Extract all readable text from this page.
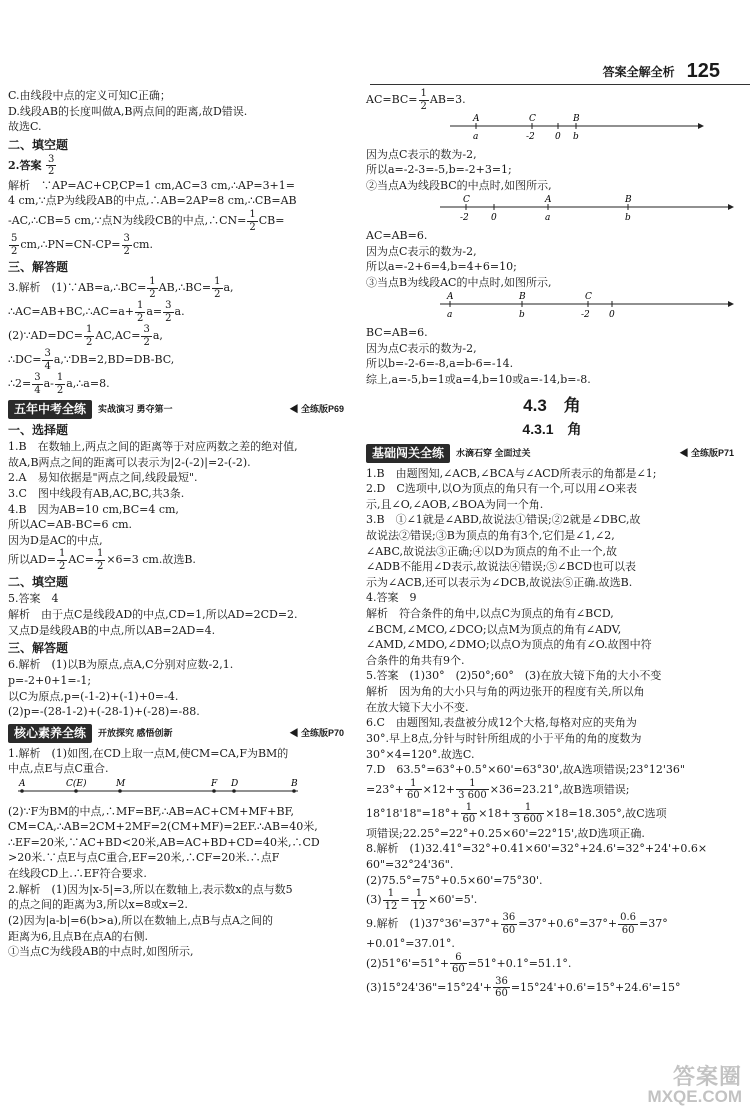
答案全解全析 125

C.由线段中点的定义可知C正确；

D.线段AB的长度叫做A,B两点间的距离,故D错误.

故选C.

二、填空题

2.答案 $\frac{3}{2}$

解析　∵AP=AC+CP,CP=1 cm,AC=3 cm,∴AP=3+1=

4 cm,∵点P为线段AB的中点,∴AB=2AP=8 cm,∴CB=AB

-AC,∴CB=5 cm,∵点N为线段CB的中点,∴CN= $\frac{1}{2} CB=$

$\frac{5}{2}$ cm,∴PN=CN-CP= $\frac{3}{2}$ cm.

三、解答题

3.解析　(1)∵AB=a,∴BC= $\frac{1}{2}$ AB,∴BC= $\frac{1}{2} a$,

∴AC=AB+BC,∴AC=a+ $\frac{1}{2} a= \frac{3}{2} a$.

(2)∵AD=DC= $\frac{1}{2} AC,AC= \frac{3}{2} a$,

∴DC= $\frac{3}{4}$ a,∵DB=2,BD=DB-BC,

∴2= $\frac{3}{4} a- \frac{1}{2}$ a,∴a=8.

五年中考全练	实战演习 勇夺第一	◀ 全练版P69

一、选择题

1.B　在数轴上,两点之间的距离等于对应两数之差的绝对值,

故A,B两点之间的距离可以表示为|2-(-2)|=2-(-2).

2.A　易知依据是"两点之间,线段最短".

3.C　图中线段有AB,AC,BC,共3条.

4.B　因为AB=10 cm,BC=4 cm,

所以AC=AB-BC=6 cm.

因为D是AC的中点,

所以$AD= \frac{1}{2} AC= \frac{1}{2} \times 6=3$ cm.故选B.

二、填空题

5.答案　4

解析　由于点C是线段AD的中点,CD=1,所以AD=2CD=2.

又点D是线段AB的中点,所以AB=2AD=4.

三、解答题

6.解析　(1)以B为原点,点A,C分别对应数-2,1.

p=-2+0+1=-1;

以C为原点,p=(-1-2)+(-1)+0=-4.

(2)p=-(28-1-2)+(-28-1)+(-28)=-88.

核心素养全练	开放探究 感悟创新	◀ 全练版P70

1.解析　(1)如图,在CD上取一点M,使CM=CA,F为BM的

中点,点E与点C重合.

A	C(E)	M	F D	B

(2)∵F为BM的中点,∴MF=BF,∴AB=AC+CM+MF+BF,

CM=CA,∴AB=2CM+2MF=2(CM+MF)=2EF.∴AB=40米,

∴EF=20米,∵AC+BD<20米,AB=AC+BD+CD=40米,∴CD

>20米.∵点E与点C重合,EF=20米,∴CF=20米.∴点F

在线段CD上.∴EF符合要求.

2.解析　(1)因为|x-5|=3,所以在数轴上,表示数x的点与数5

的点之间的距离为3,所以x=8或x=2.

(2)因为|a-b|=6(b>a),所以在数轴上,点B与点A之间的

距离为6,且点B在点A的右侧.

①当点C为线段AB的中点时,如图所示,

$AC=BC= \frac{1}{2} AB=3$.

A	C	B
a	-2 0 b

因为点C表示的数为-2,

所以a=-2-3=-5,b=-2+3=1;

②当点A为线段BC的中点时,如图所示,

C	A	B
-2 0	a	b

AC=AB=6.

因为点C表示的数为-2,

所以a=-2+6=4,b=4+6=10;

③当点B为线段AC的中点时,如图所示,

A	B	C
a	b	-2 0

BC=AB=6.

因为点C表示的数为-2,

所以b=-2-6=-8,a=b-6=-14.

综上,a=-5,b=1或a=4,b=10或a=-14,b=-8.

4.3　角

4.3.1　角

基础闯关全练	水滴石穿 全面过关	◀ 全练版P71

1.B　由题图知,∠ACB,∠BCA与∠ACD所表示的角都是∠1;

2.D　C选项中,以O为顶点的角只有一个,可以用∠O来表

示,且∠O,∠AOB,∠BOA为同一个角.

3.B　①∠1就是∠ABD,故说法①错误;②2就是∠DBC,故

故说法②错误;③B为顶点的角有3个,它们是∠1,∠2,

∠ABC,故说法③正确;④以D为顶点的角不止一个,故

∠ADB不能用∠D表示,故说法④错误;⑤∠BCD也可以表

示为∠ACB,还可以表示为∠DCB,故说法⑤正确.故选B.

4.答案　9

解析　符合条件的角中,以点C为顶点的角有∠BCD,

∠BCM,∠MCO,∠DCO;以点M为顶点的角有∠ADV,

∠AMD,∠MDO,∠DMO;以点O为顶点的角有∠O.故图中符

合条件的角共有9个.

5.答案　(1)30°　(2)50°;60°　(3)在放大镜下角的大小不变

解析　因为角的大小只与角的两边张开的程度有关,所以角

在放大镜下大小不变.

6.C　由题图知,表盘被分成12个大格,每格对应的夹角为

30°.早上8点,分针与时针所组成的小于平角的角的度数为

30°×4=120°.故选C.

7.D　63.5°=63°+0.5°×60'=63°30',故A选项错误;23°12'36"

$=23^\circ+ \frac{1}{60} \times 12+ \frac{1}{3 600} \times 36=23.21^\circ$,故B选项错误;

18°18'18"=18°+ $\frac{1}{60} \times 18+ \frac{1}{3 600} \times 18=18.305^\circ$,故C选项

项错误;22.25°=22°+0.25×60'=22°15',故D选项正确.

8.解析　(1)32.41°=32°+0.41×60'=32°+24.6'=32°+24'+0.6×

60"=32°24'36".

(2)75.5°=75°+0.5×60'=75°30'.

$(3) \frac{1}{12} = \frac{1}{12} \times 60'=5'$.

9.解析　$(1)37^\circ 36'=37^\circ+ \frac{36}{60} =37^\circ+0.6^\circ=37^\circ+ \frac{0.6}{60} =37^\circ$

+0.01°=37.01°.

$(2)51^\circ 6'=51^\circ+ \frac{6}{60} =51^\circ+0.1^\circ=51.1^\circ$.

(3)15°24'36"=15°24'+ $\frac{36}{60} =15^\circ 24'+0.6'=15^\circ+24.6'=15^\circ$

答案圈
MXQE.COM
